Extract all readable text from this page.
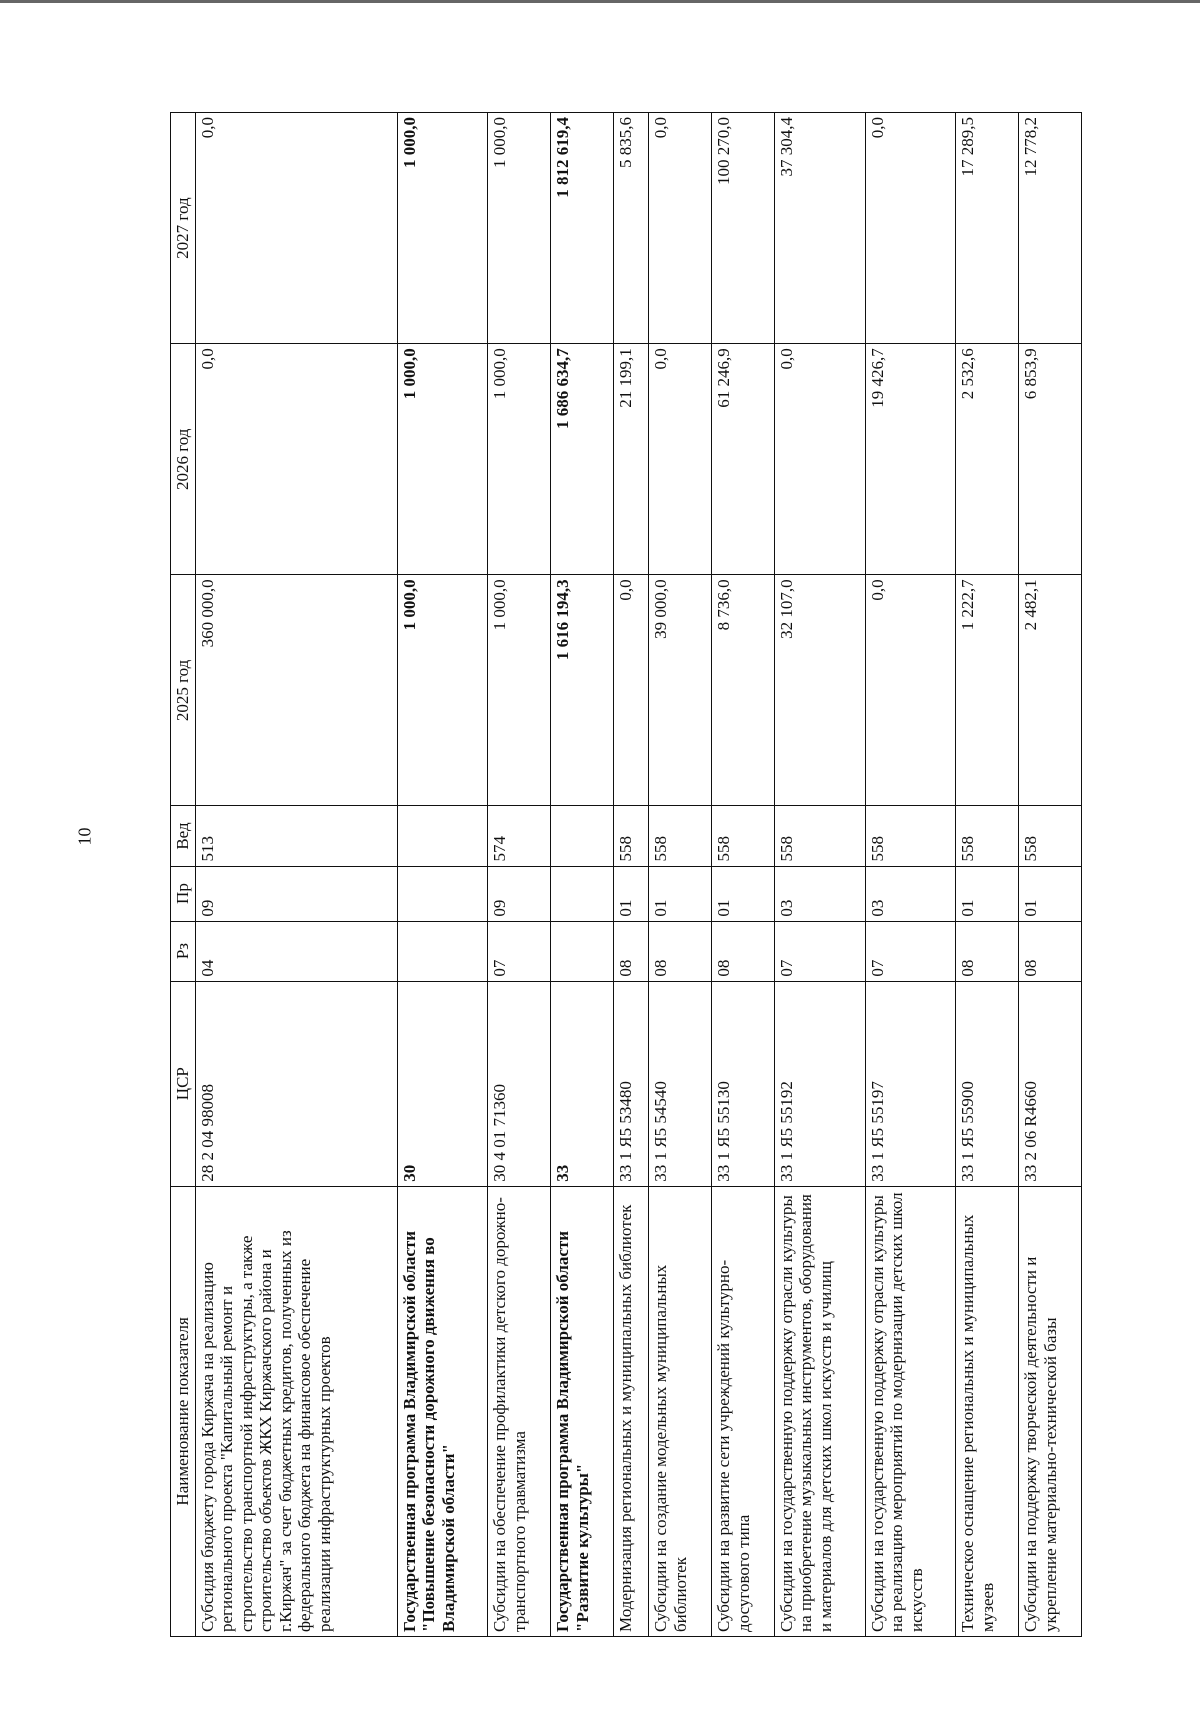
10
Наименование показателя	ЦСР	Рз	Пр	Вед	2025 год	2026 год	2027 год
Субсидия бюджету города Киржача на реализацию регионального проекта "Капитальный ремонт и строительство транспортной инфраструктуры, а также строительство объектов ЖКХ Киржачского района и г.Киржач" за счет бюджетных кредитов, полученных из федерального бюджета на финансовое обеспечение реализации инфраструктурных проектов	28 2 04 98008	04	09	513	360 000,0	0,0	0,0
Государственная программа Владимирской области "Повышение безопасности дорожного движения во Владимирской области"	30				1 000,0	1 000,0	1 000,0
Субсидии на обеспечение профилактики детского дорожно-транспортного травматизма	30 4 01 71360	07	09	574	1 000,0	1 000,0	1 000,0
Государственная программа Владимирской области "Развитие культуры"	33				1 616 194,3	1 686 634,7	1 812 619,4
Модернизация региональных и муниципальных библиотек	33 1 Я5 53480	08	01	558	0,0	21 199,1	5 835,6
Субсидии на создание модельных муниципальных библиотек	33 1 Я5 54540	08	01	558	39 000,0	0,0	0,0
Субсидии на развитие сети учреждений культурно-досугового типа	33 1 Я5 55130	08	01	558	8 736,0	61 246,9	100 270,0
Субсидии на государственную поддержку отрасли культуры на приобретение музыкальных инструментов, оборудования и материалов для детских школ искусств и училищ	33 1 Я5 55192	07	03	558	32 107,0	0,0	37 304,4
Субсидии на государственную поддержку отрасли культуры на реализацию мероприятий по модернизации детских школ искусств	33 1 Я5 55197	07	03	558	0,0	19 426,7	0,0
Техническое оснащение региональных и муниципальных музеев	33 1 Я5 55900	08	01	558	1 222,7	2 532,6	17 289,5
Субсидии на поддержку творческой деятельности и укрепление материально-технической базы	33 2 06 R4660	08	01	558	2 482,1	6 853,9	12 778,2
